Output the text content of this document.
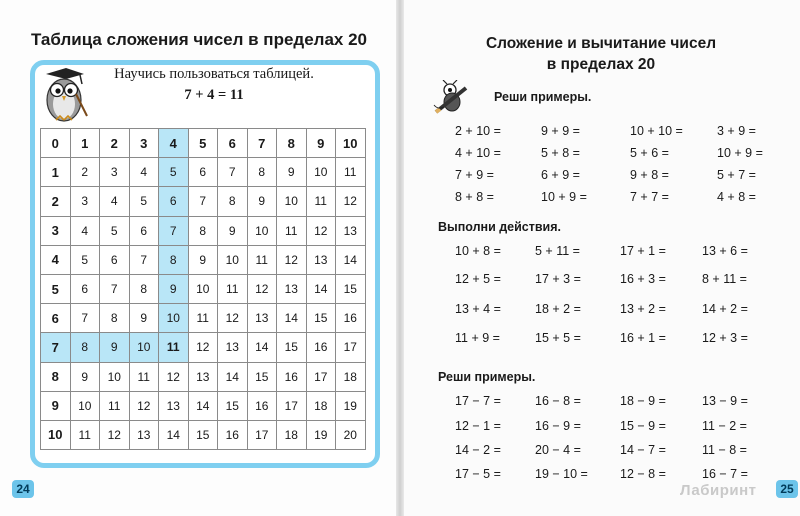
Таблица сложения чисел в пределах 20
Научись пользоваться таблицей.
7 + 4 = 11
0	1	2	3	4	5	6	7	8	9	10
1	2	3	4	5	6	7	8	9	10	11
2	3	4	5	6	7	8	9	10	11	12
3	4	5	6	7	8	9	10	11	12	13
4	5	6	7	8	9	10	11	12	13	14
5	6	7	8	9	10	11	12	13	14	15
6	7	8	9	10	11	12	13	14	15	16
7	8	9	10	11	12	13	14	15	16	17
8	9	10	11	12	13	14	15	16	17	18
9	10	11	12	13	14	15	16	17	18	19
10	11	12	13	14	15	16	17	18	19	20
24
Сложение и вычитание чисел
в пределах 20
Реши примеры.
2 + 10 =	9 + 9 =	10 + 10 =	3 + 9 =
4 + 10 =	5 + 8 =	5 + 6 =	10 + 9 =
7 + 9 =	6 + 9 =	9 + 8 =	5 + 7 =
8 + 8 =	10 + 9 =	7 + 7 =	4 + 8 =
Выполни действия.
10 + 8 =	5 + 11 =	17 + 1 =	13 + 6 =
12 + 5 =	17 + 3 =	16 + 3 =	8 + 11 =
13 + 4 =	18 + 2 =	13 + 2 =	14 + 2 =
11 + 9 =	15 + 5 =	16 + 1 =	12 + 3 =
Реши примеры.
17 − 7 =	16 − 8 =	18 − 9 =	13 − 9 =
12 − 1 =	16 − 9 =	15 − 9 =	11 − 2 =
14 − 2 =	20 − 4 =	14 − 7 =	11 − 8 =
17 − 5 =	19 − 10 =	12 − 8 =	16 − 7 =
Лабиринт	25
